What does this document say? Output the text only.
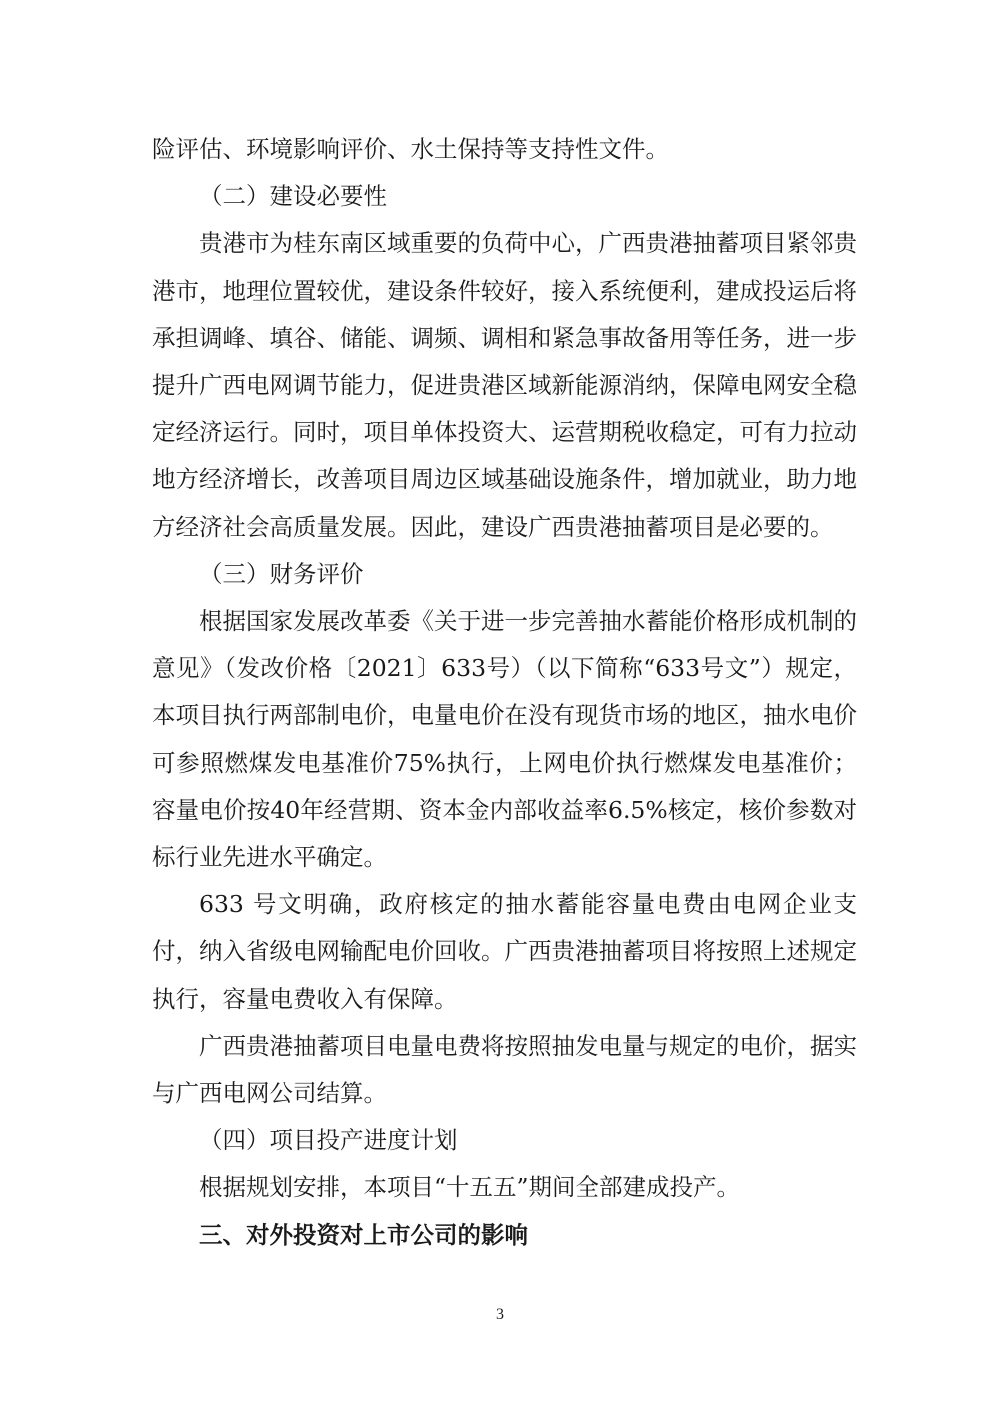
险评估、环境影响评价、水土保持等支持性文件。

（二）建设必要性

贵港市为桂东南区域重要的负荷中心，广西贵港抽蓄项目紧邻贵港市，地理位置较优，建设条件较好，接入系统便利，建成投运后将承担调峰、填谷、储能、调频、调相和紧急事故备用等任务，进一步提升广西电网调节能力，促进贵港区域新能源消纳，保障电网安全稳定经济运行。同时，项目单体投资大、运营期税收稳定，可有力拉动地方经济增长，改善项目周边区域基础设施条件，增加就业，助力地方经济社会高质量发展。因此，建设广西贵港抽蓄项目是必要的。

（三）财务评价

根据国家发展改革委《关于进一步完善抽水蓄能价格形成机制的意见》（发改价格〔2021〕633号）（以下简称“633号文”）规定，本项目执行两部制电价，电量电价在没有现货市场的地区，抽水电价可参照燃煤发电基准价75%执行，上网电价执行燃煤发电基准价；容量电价按40年经营期、资本金内部收益率6.5%核定，核价参数对标行业先进水平确定。

633 号文明确，政府核定的抽水蓄能容量电费由电网企业支付，纳入省级电网输配电价回收。广西贵港抽蓄项目将按照上述规定执行，容量电费收入有保障。

广西贵港抽蓄项目电量电费将按照抽发电量与规定的电价，据实与广西电网公司结算。

（四）项目投产进度计划

根据规划安排，本项目“十五五”期间全部建成投产。

三、对外投资对上市公司的影响

3
